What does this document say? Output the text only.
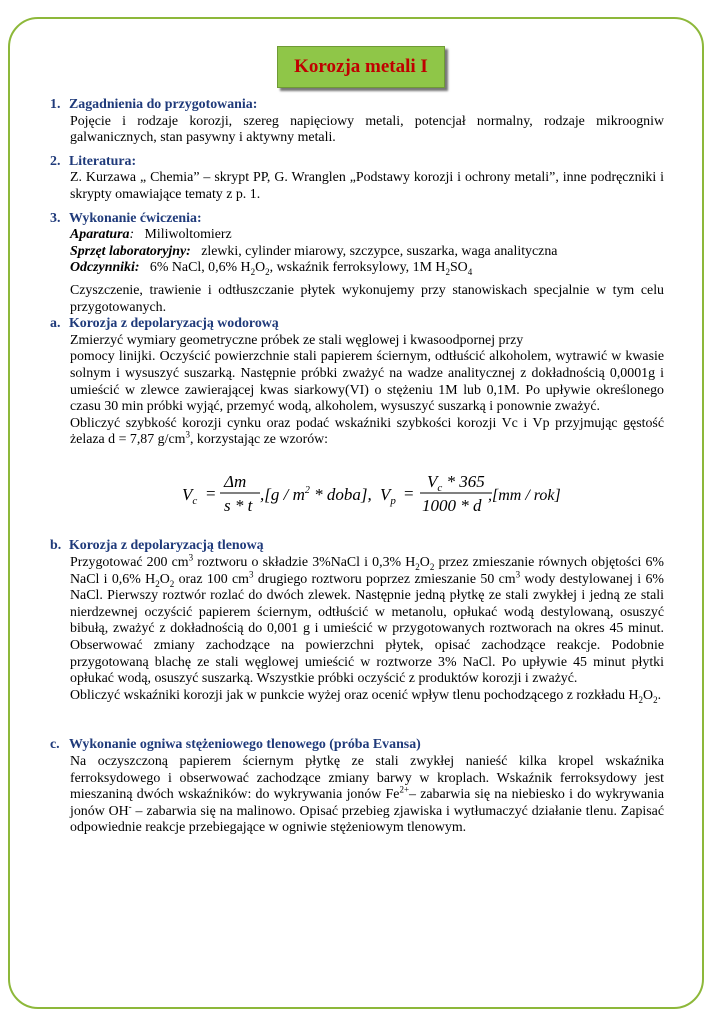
Korozja metali I
1. Zagadnienia do przygotowania:
Pojęcie i rodzaje korozji, szereg napięciowy metali, potencjał normalny, rodzaje mikroogniw galwanicznych, stan pasywny i aktywny metali.
2. Literatura:
Z. Kurzawa „ Chemia” – skrypt PP, G. Wranglen „Podstawy korozji i ochrony metali”, inne podręczniki i skrypty omawiające tematy z p. 1.
3. Wykonanie ćwiczenia:
Aparatura: Miliwoltomierz
Sprzęt laboratoryjny: zlewki, cylinder miarowy, szczypce, suszarka, waga analityczna
Odczynniki: 6% NaCl, 0,6% $H_2O_2$, wskaźnik ferroksylowy, 1M $H_2SO_4$
Czyszczenie, trawienie i odtłuszczanie płytek wykonujemy przy stanowiskach specjalnie w tym celu przygotowanych.
a. Korozja z depolaryzacją wodorową
Zmierzyć wymiary geometryczne próbek ze stali węglowej i kwasoodpornej przy
pomocy linijki. Oczyścić powierzchnie stali papierem ściernym, odtłuścić alkoholem, wytrawić w kwasie solnym i wysuszyć suszarką. Następnie próbki zważyć na wadze analitycznej z dokładnością 0,0001g i umieścić w zlewce zawierającej kwas siarkowy(VI) o stężeniu 1M lub 0,1M. Po upływie określonego czasu 30 min próbki wyjąć, przemyć wodą, alkoholem, wysuszyć suszarką i ponownie zważyć.
Obliczyć szybkość korozji cynku oraz podać wskaźniki szybkości korozji Vc i Vp przyjmując gęstość żelaza d = 7,87 $g/cm^3$, korzystając ze wzorów:
$V_c$ =
Δm
s * t
$,[g / m^2$ * doba], $V_p$ =
$V_c * 365$
1000 * d
,[mm / rok]
b. Korozja z depolaryzacją tlenową
Przygotować 200 $cm^3$ roztworu o składzie 3%NaCl i 0,3% $H_2O_2$ przez zmieszanie równych objętości 6% NaCl i 0,6% $H_2O_2$ oraz 100 $cm^3$ drugiego roztworu poprzez zmieszanie 50 $cm^3$ wody destylowanej i 6% NaCl. Pierwszy roztwór rozlać do dwóch zlewek. Następnie jedną płytkę ze stali zwykłej i jedną ze stali nierdzewnej oczyścić papierem ściernym, odtłuścić w metanolu, opłukać wodą destylowaną, osuszyć bibułą, zważyć z dokładnością do 0,001 g i umieścić w przygotowanych roztworach na okres 45 minut. Obserwować zmiany zachodzące na powierzchni płytek, opisać zachodzące reakcje. Podobnie przygotowaną blachę ze stali węglowej umieścić w roztworze 3% NaCl. Po upływie 45 minut płytki opłukać wodą, osuszyć suszarką. Wszystkie próbki oczyścić z produktów korozji i zważyć.
Obliczyć wskaźniki korozji jak w punkcie wyżej oraz ocenić wpływ tlenu pochodzącego z rozkładu $H_2O_2$.
c. Wykonanie ogniwa stężeniowego tlenowego (próba Evansa)
Na oczyszczoną papierem ściernym płytkę ze stali zwykłej nanieść kilka kropel wskaźnika ferroksydowego i obserwować zachodzące zmiany barwy w kroplach. Wskaźnik ferroksydowy jest mieszaniną dwóch wskaźników: do wykrywania jonów $Fe^{2+}-$ zabarwia się na niebiesko i do wykrywania jonów OH- – zabarwia się na malinowo. Opisać przebieg zjawiska i wytłumaczyć działanie tlenu. Zapisać odpowiednie reakcje przebiegające w ogniwie stężeniowym tlenowym.
